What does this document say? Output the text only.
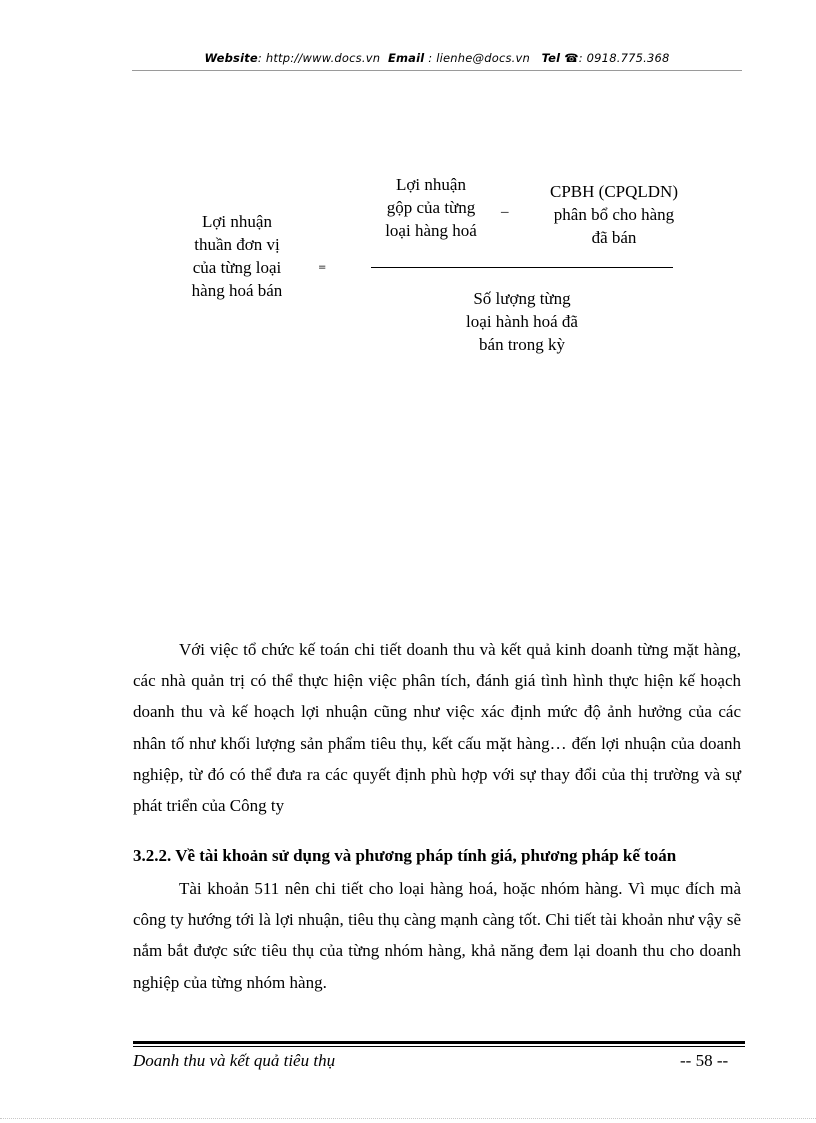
Website: http://www.docs.vn Email : lienhe@docs.vn Tel ☎: 0918.775.368
Lợi nhuận
thuần đơn vị
của từng loại
hàng hoá bán
=
Lợi nhuận
gộp của từng
loại hàng hoá
–
CPBH (CPQLDN)
phân bổ cho hàng
đã bán
Số lượng từng
loại hành hoá đã
bán trong kỳ

Với việc tổ chức kế toán chi tiết doanh thu và kết quả kinh doanh từng mặt hàng, các nhà quản trị có thể thực hiện việc phân tích, đánh giá tình hình thực hiện kế hoạch doanh thu và kế hoạch lợi nhuận cũng như việc xác định mức độ ảnh hưởng của các nhân tố như khối lượng sản phẩm tiêu thụ, kết cấu mặt hàng… đến lợi nhuận của doanh nghiệp, từ đó có thể đưa ra các quyết định phù hợp với sự thay đổi của thị trường và sự phát triển của Công ty

3.2.2. Về tài khoản sử dụng và phương pháp tính giá, phương pháp kế toán

Tài khoản 511 nên chi tiết cho loại hàng hoá, hoặc nhóm hàng. Vì mục đích mà công ty hướng tới là lợi nhuận, tiêu thụ càng mạnh càng tốt. Chi tiết tài khoản như vậy sẽ nắm bắt được sức tiêu thụ của từng nhóm hàng, khả năng đem lại doanh thu cho doanh nghiệp của từng nhóm hàng.

Doanh thu và kết quả tiêu thụ	-- 58 --
